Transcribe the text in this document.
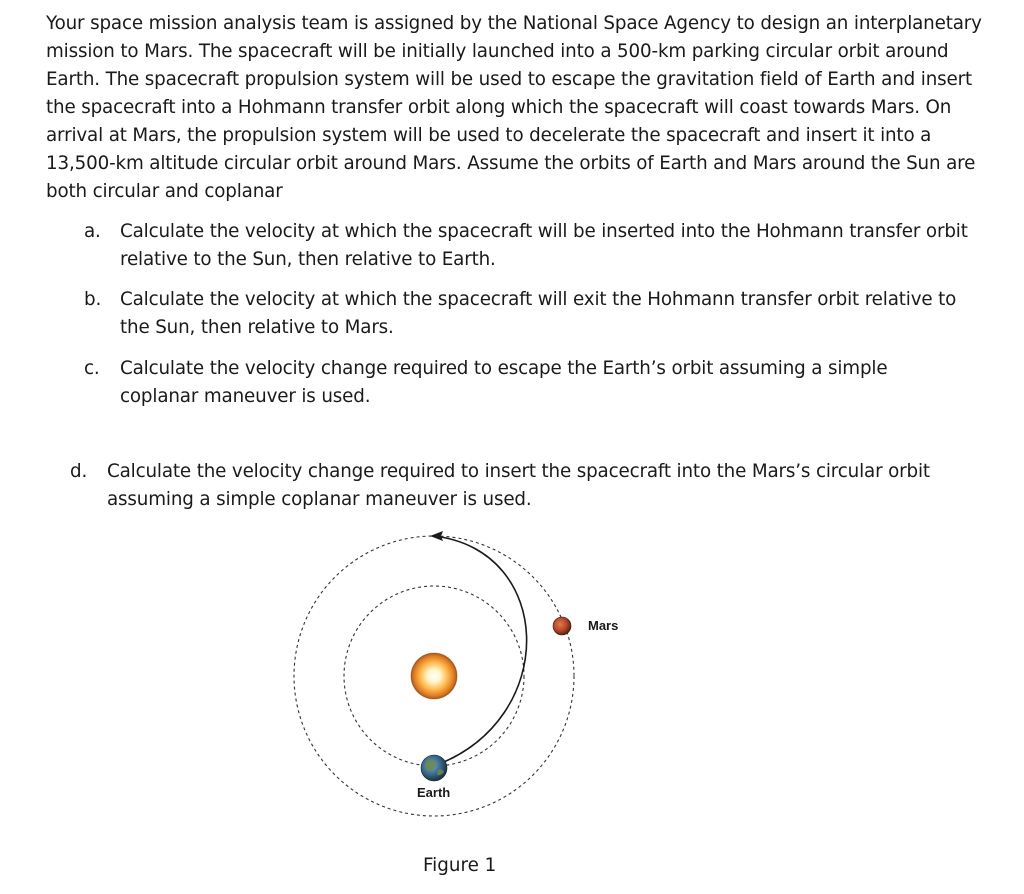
Your space mission analysis team is assigned by the National Space Agency to design an interplanetary mission to Mars. The spacecraft will be initially launched into a 500-km parking circular orbit around Earth. The spacecraft propulsion system will be used to escape the gravitation field of Earth and insert the spacecraft into a Hohmann transfer orbit along which the spacecraft will coast towards Mars. On arrival at Mars, the propulsion system will be used to decelerate the spacecraft and insert it into a 13,500-km altitude circular orbit around Mars. Assume the orbits of Earth and Mars around the Sun are both circular and coplanar

a. Calculate the velocity at which the spacecraft will be inserted into the Hohmann transfer orbit relative to the Sun, then relative to Earth.
b. Calculate the velocity at which the spacecraft will exit the Hohmann transfer orbit relative to the Sun, then relative to Mars.
c. Calculate the velocity change required to escape the Earth’s orbit assuming a simple coplanar maneuver is used.
d. Calculate the velocity change required to insert the spacecraft into the Mars’s circular orbit assuming a simple coplanar maneuver is used.
Mars
Earth
Figure 1
